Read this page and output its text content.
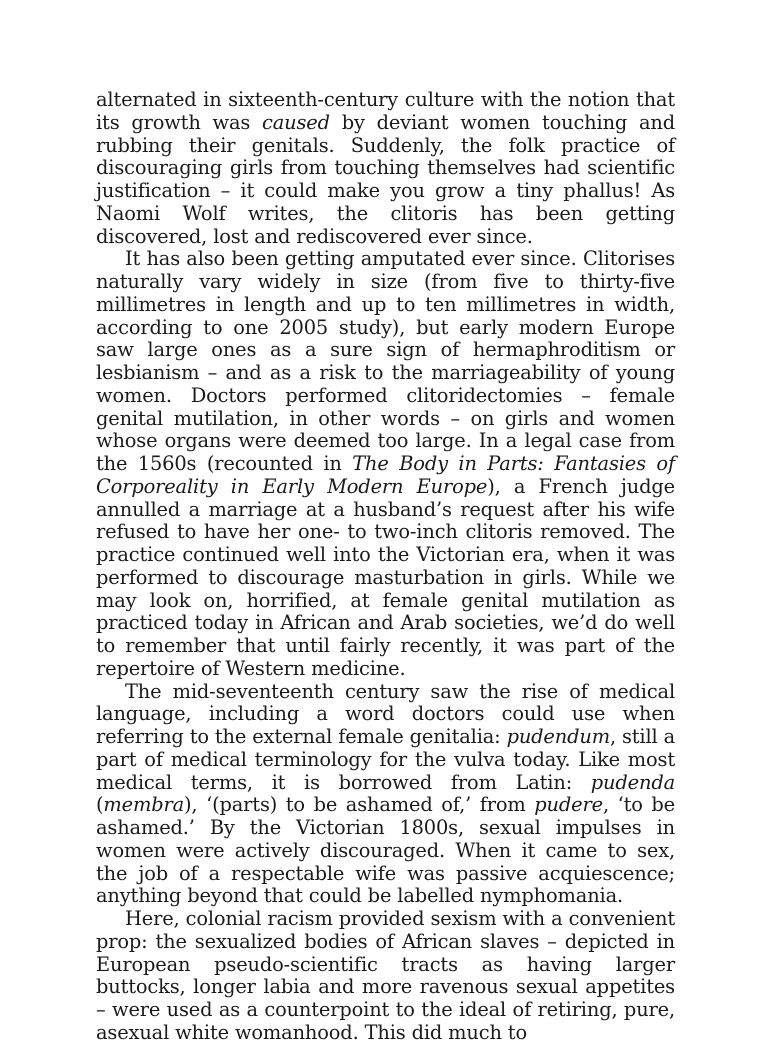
alternated in sixteenth-century culture with the notion that its growth was caused by deviant women touching and rubbing their genitals. Suddenly, the folk practice of discouraging girls from touching themselves had scientific justification – it could make you grow a tiny phallus! As Naomi Wolf writes, the clitoris has been getting discovered, lost and rediscovered ever since.

It has also been getting amputated ever since. Clitorises naturally vary widely in size (from five to thirty-five millimetres in length and up to ten millimetres in width, according to one 2005 study), but early modern Europe saw large ones as a sure sign of hermaphroditism or lesbianism – and as a risk to the marriageability of young women. Doctors performed clitoridectomies – female genital mutilation, in other words – on girls and women whose organs were deemed too large. In a legal case from the 1560s (recounted in The Body in Parts: Fantasies of Corporeality in Early Modern Europe), a French judge annulled a marriage at a husband’s request after his wife refused to have her one- to two-inch clitoris removed. The practice continued well into the Victorian era, when it was performed to discourage masturbation in girls. While we may look on, horrified, at female genital mutilation as practiced today in African and Arab societies, we’d do well to remember that until fairly recently, it was part of the repertoire of Western medicine.

The mid-seventeenth century saw the rise of medical language, including a word doctors could use when referring to the external female genitalia: pudendum, still a part of medical terminology for the vulva today. Like most medical terms, it is borrowed from Latin: pudenda (membra), ‘(parts) to be ashamed of,’ from pudere, ‘to be ashamed.’ By the Victorian 1800s, sexual impulses in women were actively discouraged. When it came to sex, the job of a respectable wife was passive acquiescence; anything beyond that could be labelled nymphomania.

Here, colonial racism provided sexism with a convenient prop: the sexualized bodies of African slaves – depicted in European pseudo-scientific tracts as having larger buttocks, longer labia and more ravenous sexual appetites – were used as a counterpoint to the ideal of retiring, pure, asexual white womanhood. This did much to
